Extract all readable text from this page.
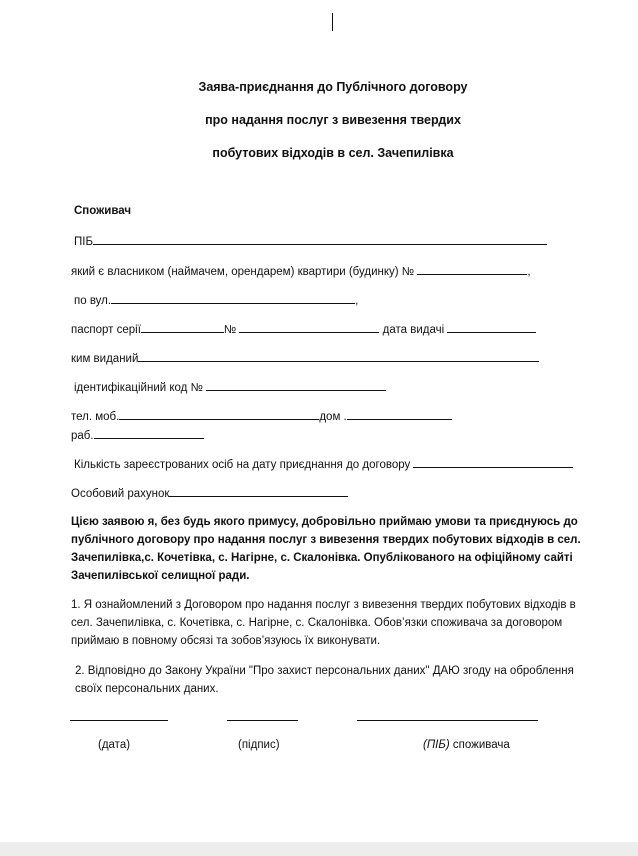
Заява-приєднання до Публічного договору
про надання послуг з вивезення твердих
побутових відходів в сел. Зачепилівка
Споживач
ПІБ
який є власником (наймачем, орендарем) квартири (будинку) №	,
по вул.	,
паспорт серії	№	дата видачі
ким виданий
ідентифікаційний код №
тел. моб.	дом .
раб.
Кількість зареєстрованих осіб на дату приєднання до договору
Особовий рахунок
Цією заявою я, без будь якого примусу, добровільно приймаю умови та приєднуюсь до публічного договору про надання послуг з вивезення твердих побутових відходів в сел. Зачепилівка,с. Кочетівка, с. Нагірне, с. Скалонівка. Опублікованого на офіційному сайті Зачепилівської селищної ради.
1. Я ознайомлений з Договором про надання послуг з вивезення твердих побутових відходів в сел. Зачепилівка, с. Кочетівка, с. Нагірне, с. Скалонівка. Обов’язки споживача за договором приймаю в повному обсязі та зобов’язуюсь їх виконувати.
2. Відповідно до Закону України "Про захист персональних даних" ДАЮ згоду на оброблення своїх персональних даних.
(дата)	(підпис)	(ПІБ) споживача
